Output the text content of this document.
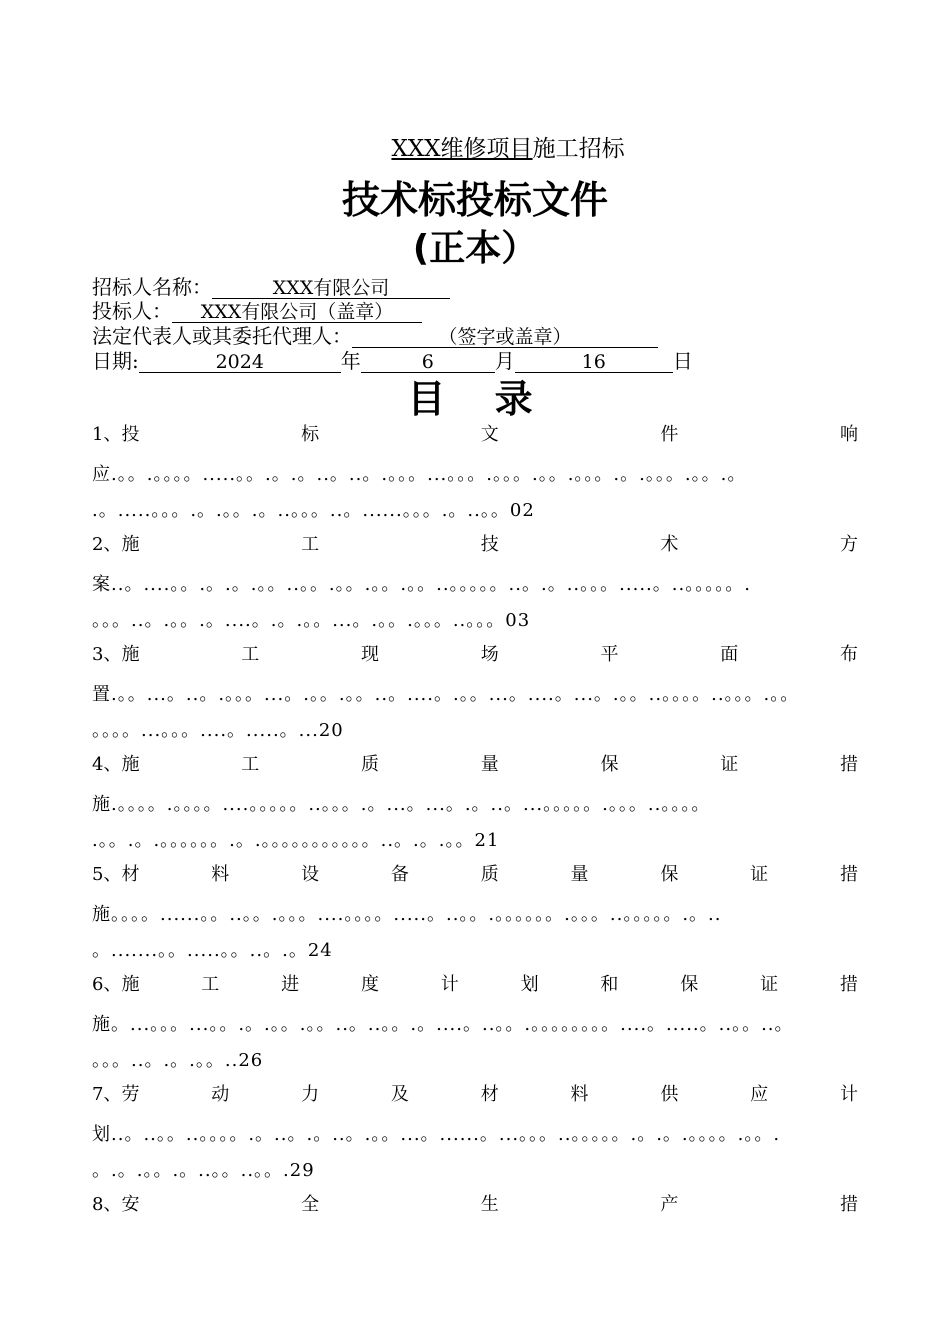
XXX维修项目施工招标
技术标投标文件
(正本）
招标人名称：	XXX有限公司
投标人： XXX有限公司（盖章）
法定代表人或其委托代理人：	（签字或盖章）
日期:	2024	年	6	月	16	日
目 录
1、投	标	文	件	响
应.。。.。。。。.....。。.。.。..。..。.。。。...。。。.。。。.。。.。。。.。.。。。.。。.。
.。.....。。。.。.。。.。..。。。..。......。。。.。..。。02
2、施	工	技	术	方
案..。....。。.。.。.。。..。。.。。.。。.。。..。。。。。..。.。..。。。.....。..。。。。。.
。。。..。.。。.。....。.。.。。...。.。。.。。。..。。。03
3、施	工	现	场	平	面	布
置.。。...。..。.。。。...。.。。.。。..。....。.。。...。....。...。.。。..。。。。..。。。.。。
。。。。...。。。....。.....。...20
4、施	工	质	量	保	证	措
施.。。。。.。。。。....。。。。。..。。。.。...。...。.。..。...。。。。。.。。。..。。。。
.。。.。.。。。。。。.。.。。。。。。。。。。。..。.。.。。21
5、材	料	设	备	质	量	保	证	措
施。。。。......。。..。。.。。。....。。。。.....。..。。.。。。。。。.。。。..。。。。。.。..
。.......。。.....。。..。.。24
6、施	工	进	度	计	划	和	保	证	措
施。...。。。...。。.。.。。.。。..。..。。.。....。..。。.。。。。。。。。....。.....。..。。..。
。。。..。.。.。。..26
7、劳	动	力	及	材	料	供	应	计
划..。..。。..。。。。.。..。.。..。.。。...。......。...。。。..。。。。。.。.。.。。。。.。。.
。.。.。。.。..。。..。。.29
8、安	全	生	产	措
